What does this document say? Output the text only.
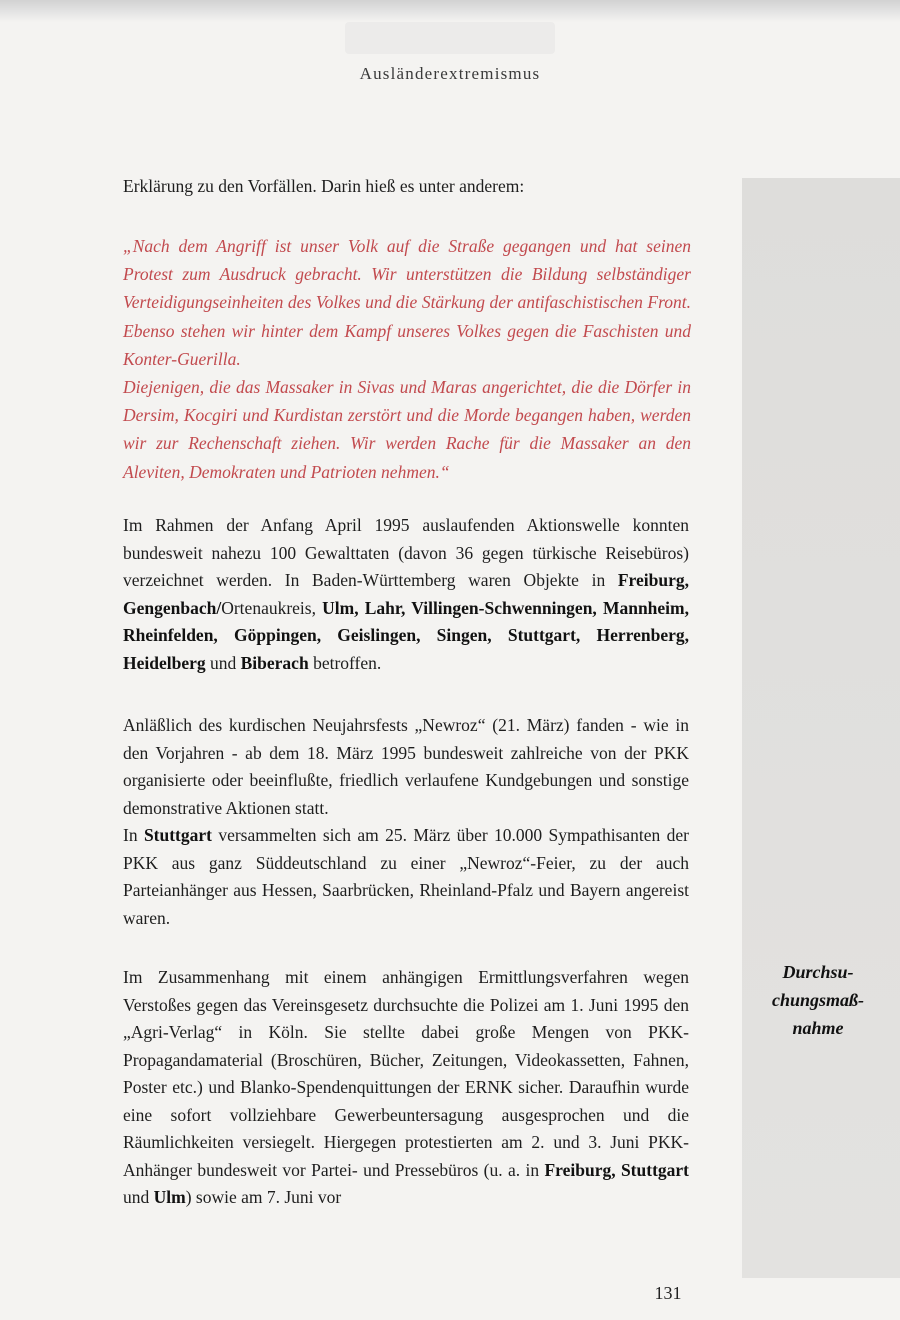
Ausländerextremismus
Erklärung zu den Vorfällen. Darin hieß es unter anderem:

„Nach dem Angriff ist unser Volk auf die Straße gegangen und hat seinen Protest zum Ausdruck gebracht. Wir unterstützen die Bildung selbständiger Verteidigungseinheiten des Volkes und die Stärkung der antifaschistischen Front. Ebenso stehen wir hinter dem Kampf unseres Volkes gegen die Faschisten und Konter-Guerilla.

Diejenigen, die das Massaker in Sivas und Maras angerichtet, die die Dörfer in Dersim, Kocgiri und Kurdistan zerstört und die Morde begangen haben, werden wir zur Rechenschaft ziehen. Wir werden Rache für die Massaker an den Aleviten, Demokraten und Patrioten nehmen.“

Im Rahmen der Anfang April 1995 auslaufenden Aktionswelle konnten bundesweit nahezu 100 Gewalttaten (davon 36 gegen türkische Reisebüros) verzeichnet werden. In Baden-Württemberg waren Objekte in Freiburg, Gengenbach/Ortenaukreis, Ulm, Lahr, Villingen-Schwenningen, Mannheim, Rheinfelden, Göppingen, Geislingen, Singen, Stuttgart, Herrenberg, Heidelberg und Biberach betroffen.
Anläßlich des kurdischen Neujahrsfests „Newroz“ (21. März) fanden - wie in den Vorjahren - ab dem 18. März 1995 bundesweit zahlreiche von der PKK organisierte oder beeinflußte, friedlich verlaufene Kundgebungen und sonstige demonstrative Aktionen statt.
In Stuttgart versammelten sich am 25. März über 10.000 Sympathisanten der PKK aus ganz Süddeutschland zu einer „Newroz“-Feier, zu der auch Parteianhänger aus Hessen, Saarbrücken, Rheinland-Pfalz und Bayern angereist waren.
Im Zusammenhang mit einem anhängigen Ermittlungsverfahren wegen Verstoßes gegen das Vereinsgesetz durchsuchte die Polizei am 1. Juni 1995 den „Agri-Verlag“ in Köln. Sie stellte dabei große Mengen von PKK-Propagandamaterial (Broschüren, Bücher, Zeitungen, Videokassetten, Fahnen, Poster etc.) und Blanko-Spendenquittungen der ERNK sicher. Daraufhin wurde eine sofort vollziehbare Gewerbeuntersagung ausgesprochen und die Räumlichkeiten versiegelt. Hiergegen protestierten am 2. und 3. Juni PKK-Anhänger bundesweit vor Partei- und Pressebüros (u. a. in Freiburg, Stuttgart und Ulm) sowie am 7. Juni vor
Durchsu-
chungsmaß-
nahme
131
